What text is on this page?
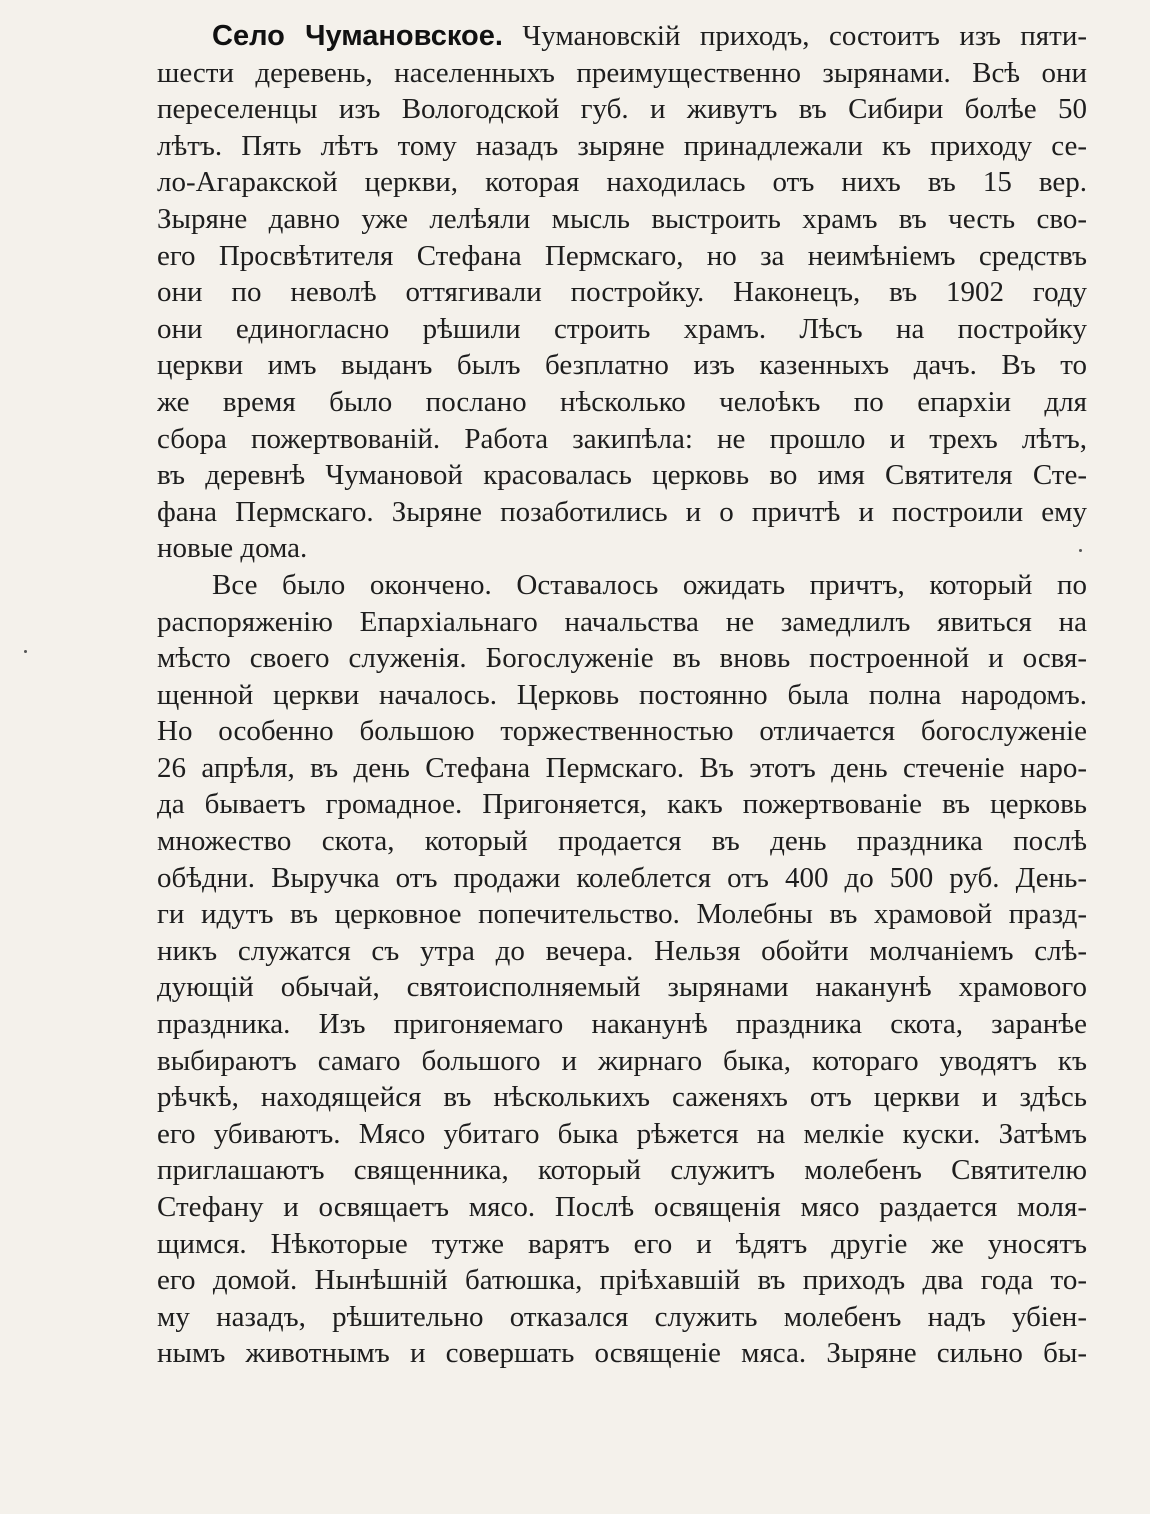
Село Чумановское. Чумановскій приходъ, состоитъ изъ пяти-
шести деревень, населенныхъ преимущественно зырянами. Всѣ они
переселенцы изъ Вологодской губ. и живутъ въ Сибири болѣе 50
лѣтъ. Пять лѣтъ тому назадъ зыряне принадлежали къ приходу се-
ло-Агаракской церкви, которая находилась отъ нихъ въ 15 вер.
Зыряне давно уже лелѣяли мысль выстроить храмъ въ честь сво-
его Просвѣтителя Стефана Пермскаго, но за неимѣніемъ средствъ
они по неволѣ оттягивали постройку. Наконецъ, въ 1902 году
они единогласно рѣшили строить храмъ. Лѣсъ на постройку
церкви имъ выданъ былъ безплатно изъ казенныхъ дачъ. Въ то
же время было послано нѣсколько челоѣкъ по епархіи для
сбора пожертвованій. Работа закипѣла: не прошло и трехъ лѣтъ,
въ деревнѣ Чумановой красовалась церковь во имя Святителя Сте-
фана Пермскаго. Зыряне позаботились и о причтѣ и построили ему
новые дома.
Все было окончено. Оставалось ожидать причтъ, который по
распоряженію Епархіальнаго начальства не замедлилъ явиться на
мѣсто своего служенія. Богослуженіе въ вновь построенной и освя-
щенной церкви началось. Церковь постоянно была полна народомъ.
Но особенно большою торжественностью отличается богослуженіе
26 апрѣля, въ день Стефана Пермскаго. Въ этотъ день стеченіе наро-
да бываетъ громадное. Пригоняется, какъ пожертвованіе въ церковь
множество скота, который продается въ день праздника послѣ
обѣдни. Выручка отъ продажи колеблется отъ 400 до 500 руб. День-
ги идутъ въ церковное попечительство. Молебны въ храмовой празд-
никъ служатся съ утра до вечера. Нельзя обойти молчаніемъ слѣ-
дующій обычай, святоисполняемый зырянами наканунѣ храмового
праздника. Изъ пригоняемаго наканунѣ праздника скота, заранѣе
выбираютъ самаго большого и жирнаго быка, котораго уводятъ къ
рѣчкѣ, находящейся въ нѣсколькихъ саженяхъ отъ церкви и здѣсь
его убиваютъ. Мясо убитаго быка рѣжется на мелкіе куски. Затѣмъ
приглашаютъ священника, который служитъ молебенъ Святителю
Стефану и освящаетъ мясо. Послѣ освященія мясо раздается моля-
щимся. Нѣкоторые тутже варятъ его и ѣдятъ другіе же уносятъ
его домой. Нынѣшній батюшка, пріѣхавшій въ приходъ два года то-
му назадъ, рѣшительно отказался служить молебенъ надъ убіен-
нымъ животнымъ и совершать освященіе мяса. Зыряне сильно бы-
